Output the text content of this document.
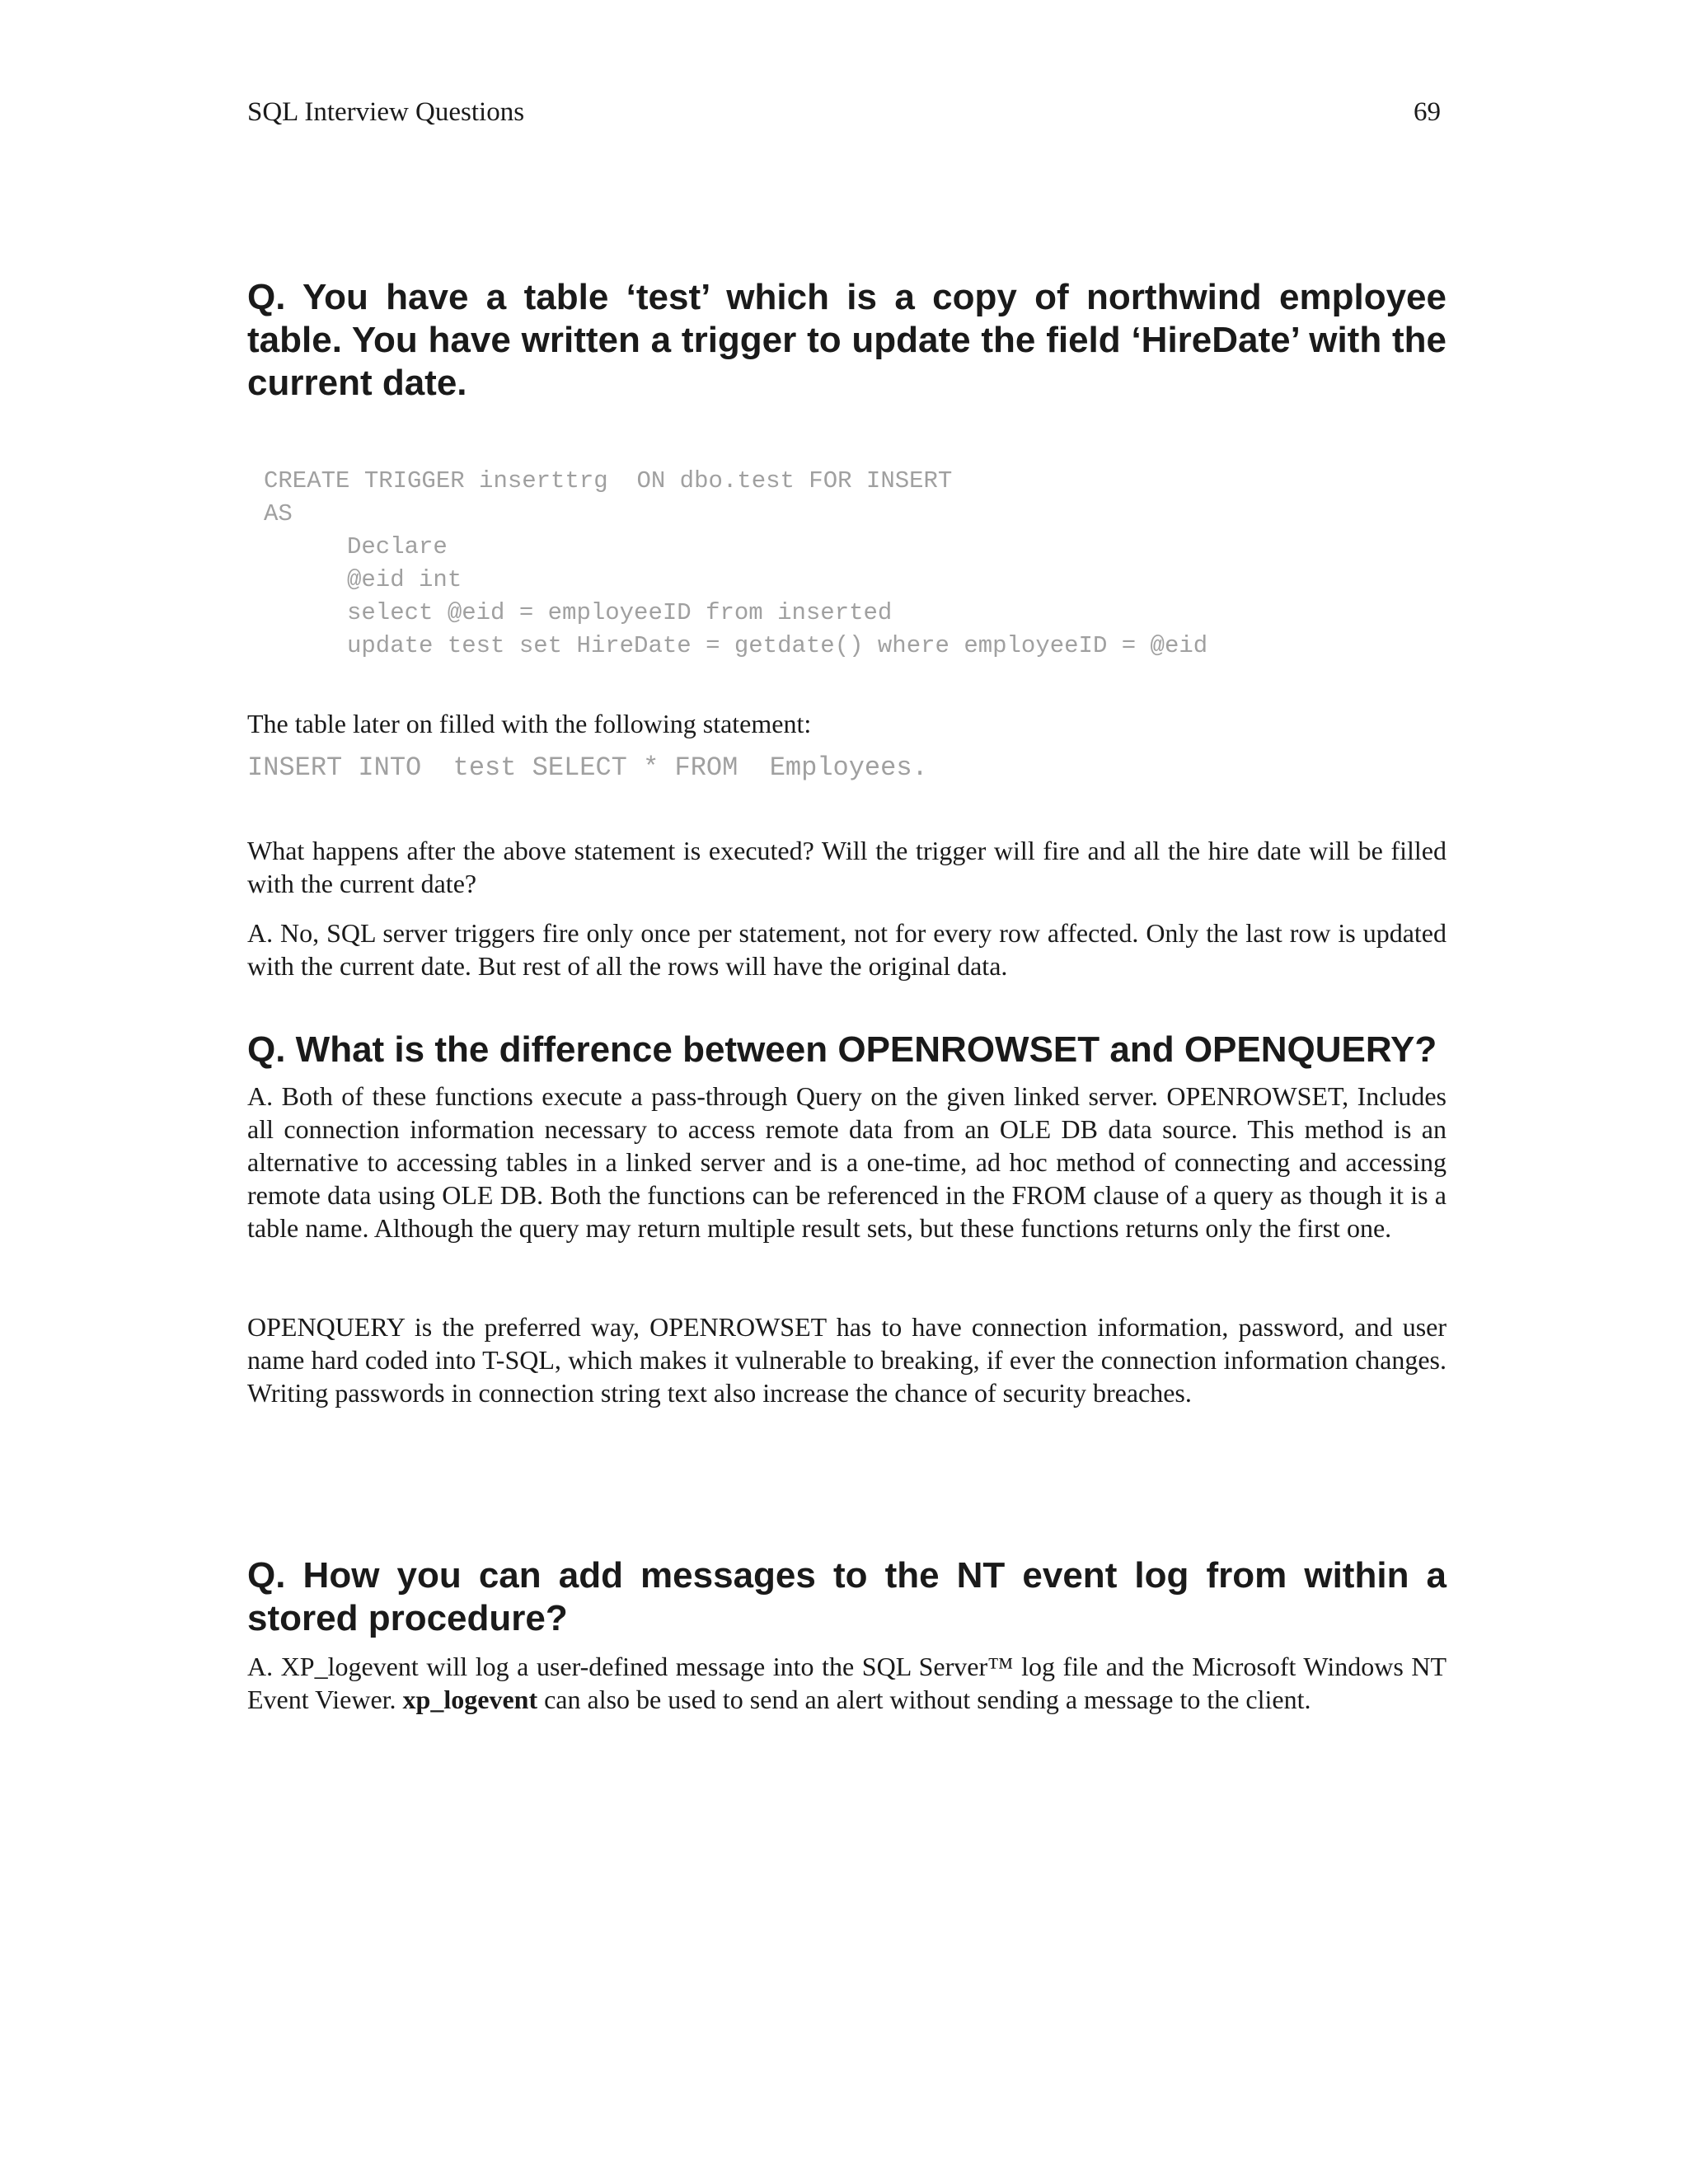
SQL Interview Questions	69
Q. You have a table ‘test’ which is a copy of northwind employee table. You have written a trigger to update the field ‘HireDate’ with the current date.
CREATE TRIGGER inserttrg  ON dbo.test FOR INSERT
AS
Declare
@eid int
select @eid = employeeID from inserted
update test set HireDate = getdate() where employeeID = @eid

The table later on filled with the following statement:

INSERT INTO  test SELECT * FROM  Employees.

What happens after the above statement is executed? Will the trigger will fire and all the hire date will be filled with the current date?

A. No, SQL server triggers fire only once per statement, not for every row affected. Only the last row is updated with the current date. But rest of all the rows will have the original data.

Q. What is the difference between OPENROWSET and OPENQUERY?

A. Both of these functions execute a pass-through Query on the given linked server. OPENROWSET, Includes all connection information necessary to access remote data from an OLE DB data source. This method is an alternative to accessing tables in a linked server and is a one-time, ad hoc method of connecting and accessing remote data using OLE DB. Both the functions can be referenced in the FROM clause of a query as though it is a table name. Although the query may return multiple result sets, but these functions returns only the first one.

OPENQUERY is the preferred way, OPENROWSET has to have connection information, password, and user name hard coded into T-SQL, which makes it vulnerable to breaking, if ever the connection information changes. Writing passwords in connection string text also increase the chance of security breaches.

Q. How you can add messages to the NT event log from within a stored procedure?

A. XP_logevent will log a user-defined message into the SQL Server™ log file and the Microsoft Windows NT Event Viewer. xp_logevent can also be used to send an alert without sending a message to the client.
